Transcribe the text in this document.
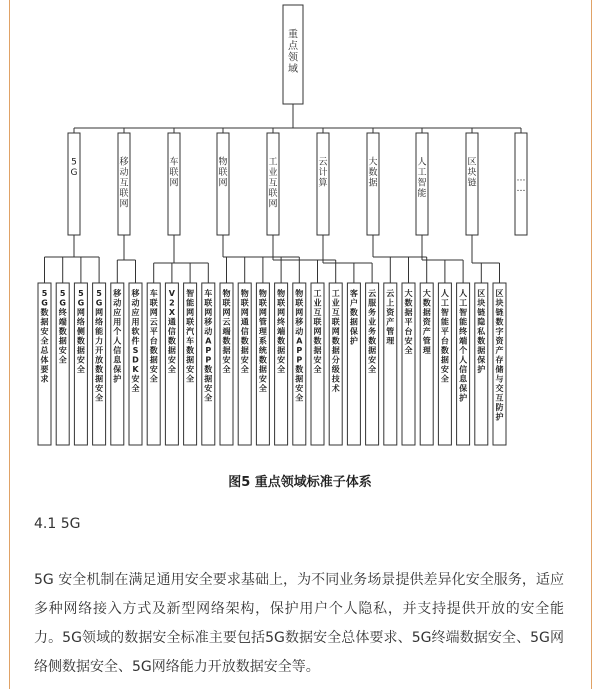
重
点
领
域
5
G
5
G
数
据
安
全
总
体
要
求
5
G
终
端
数
据
安
全
5
G
网
络
侧
数
据
安
全
5
G
网
络
能
力
开
放
数
据
安
全
移
动
互
联
网
移
动
应
用
个
人
信
息
保
护
移
动
应
用
软
件
S
D
K
安
全
车
联
网
车
联
网
云
平
台
数
据
安
全
V
2
X
通
信
数
据
安
全
智
能
网
联
汽
车
数
据
安
全
车
联
网
移
动
A
P
P
数
据
安
全
物
联
网
物
联
网
云
端
数
据
安
全
物
联
网
通
信
数
据
安
全
物
联
网
管
理
系
统
数
据
安
全
物
联
网
终
端
数
据
安
全
物
联
网
移
动
A
P
P
数
据
安
全
工
业
互
联
网
工
业
互
联
网
数
据
安
全
工
业
互
联
网
数
据
分
级
技
术
云
计
算
客
户
数
据
保
护
云
服
务
业
务
数
据
安
全
大
数
据
云
上
资
产
管
理
大
数
据
平
台
安
全
大
数
据
资
产
管
理
人
工
智
能
人
工
智
能
平
台
数
据
安
全
人
工
智
能
终
端
个
人
信
息
保
护
区
块
链
区
块
链
隐
私
数
据
保
护
区
块
链
数
字
资
产
存
储
与
交
互
防
护
…
…
图5 重点领域标准子体系
4.1 5G

5G 安全机制在满足通用安全要求基础上，为不同业务场景提供差异化安全服务，适应多种网络接入方式及新型网络架构，保护用户个人隐私，并支持提供开放的安全能力。5G领域的数据安全标准主要包括5G数据安全总体要求、5G终端数据安全、5G网络侧数据安全、5G网络能力开放数据安全等。
